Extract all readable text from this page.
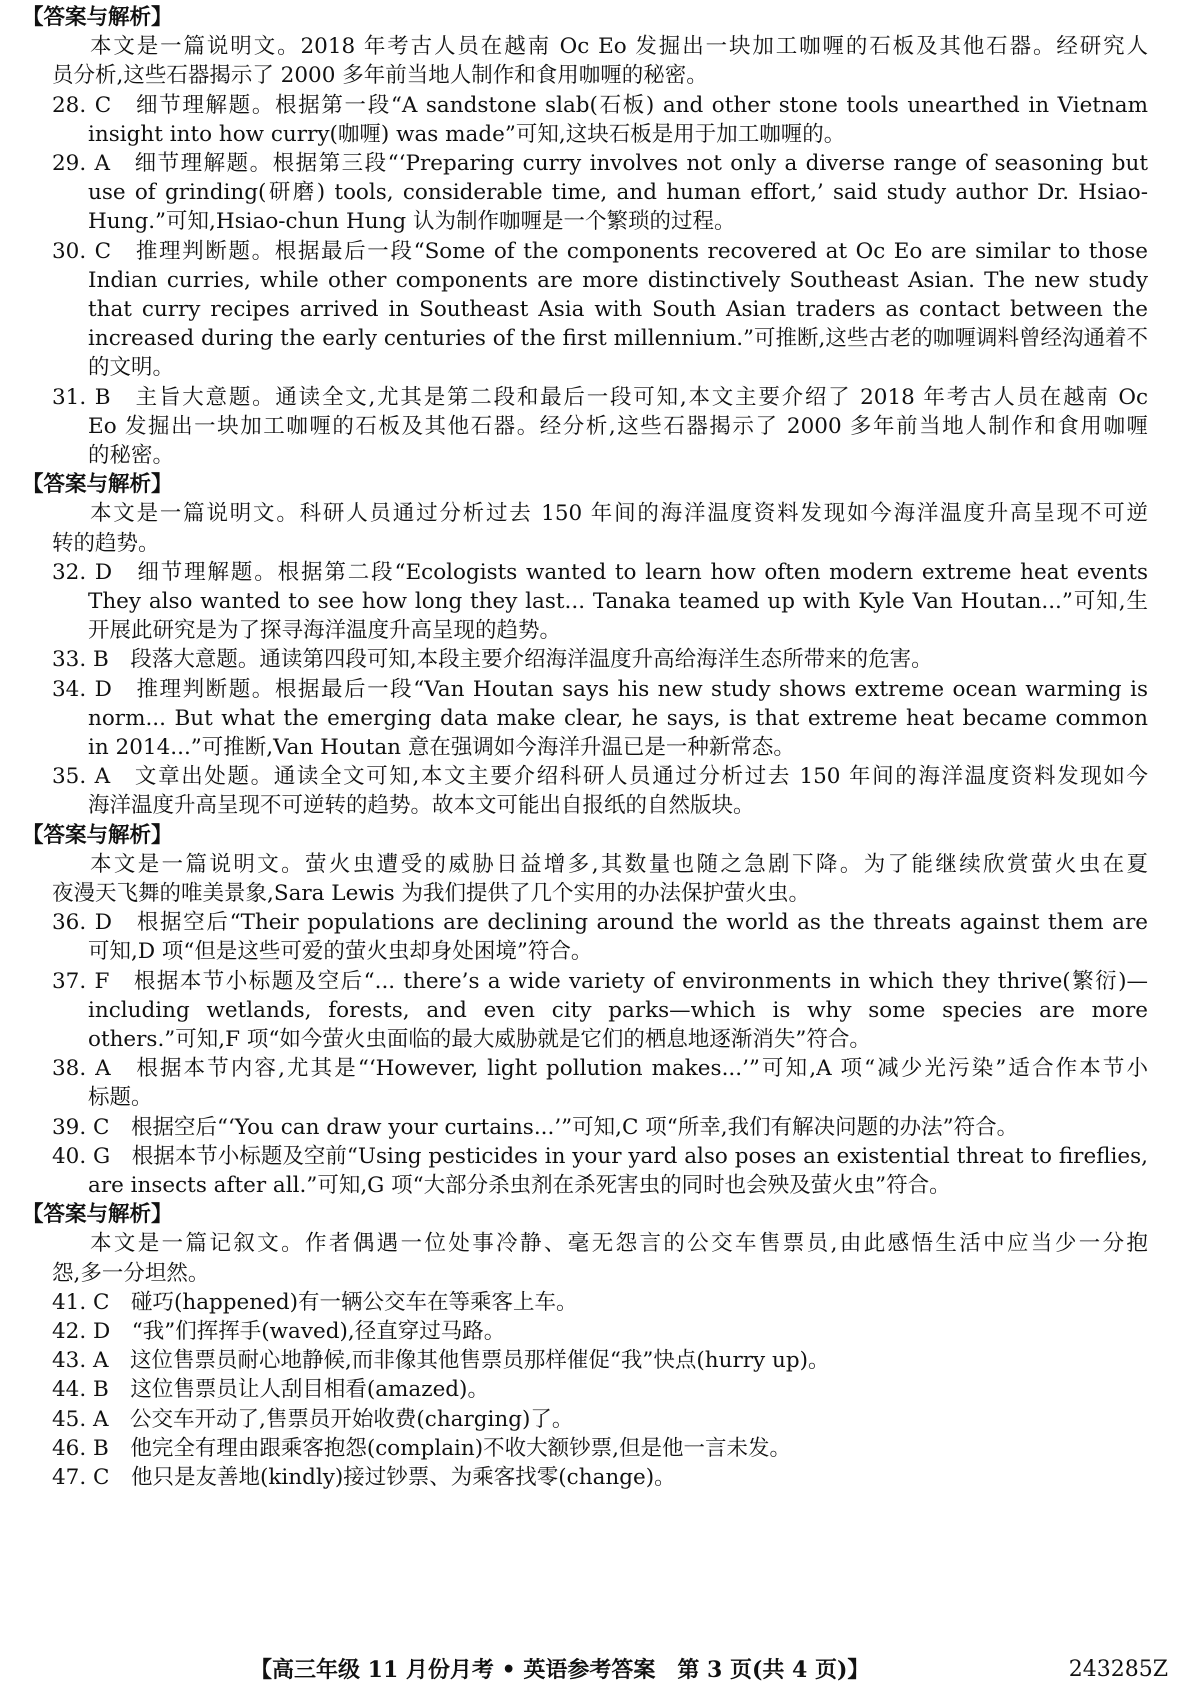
【答案与解析】
本文是一篇说明文。2018 年考古人员在越南 Oc Eo 发掘出一块加工咖喱的石板及其他石器。经研究人
员分析,这些石器揭示了 2000 多年前当地人制作和食用咖喱的秘密。
28. C　细节理解题。根据第一段“A sandstone slab(石板) and other stone tools unearthed in Vietnam
insight into how curry(咖喱) was made”可知,这块石板是用于加工咖喱的。
29. A　细节理解题。根据第三段“‘Preparing curry involves not only a diverse range of seasoning but
use of grinding(研磨) tools, considerable time, and human effort,’ said study author Dr. Hsiao-
Hung.”可知,Hsiao-chun Hung 认为制作咖喱是一个繁琐的过程。
30. C　推理判断题。根据最后一段“Some of the components recovered at Oc Eo are similar to those
Indian curries, while other components are more distinctively Southeast Asian. The new study
that curry recipes arrived in Southeast Asia with South Asian traders as contact between the
increased during the early centuries of the first millennium.”可推断,这些古老的咖喱调料曾经沟通着不
的文明。
31. B　主旨大意题。通读全文,尤其是第二段和最后一段可知,本文主要介绍了 2018 年考古人员在越南 Oc
Eo 发掘出一块加工咖喱的石板及其他石器。经分析,这些石器揭示了 2000 多年前当地人制作和食用咖喱
的秘密。
【答案与解析】
本文是一篇说明文。科研人员通过分析过去 150 年间的海洋温度资料发现如今海洋温度升高呈现不可逆
转的趋势。
32. D　细节理解题。根据第二段“Ecologists wanted to learn how often modern extreme heat events
They also wanted to see how long they last... Tanaka teamed up with Kyle Van Houtan...”可知,生
开展此研究是为了探寻海洋温度升高呈现的趋势。
33. B　段落大意题。通读第四段可知,本段主要介绍海洋温度升高给海洋生态所带来的危害。
34. D　推理判断题。根据最后一段“Van Houtan says his new study shows extreme ocean warming is
norm... But what the emerging data make clear, he says, is that extreme heat became common
in 2014...”可推断,Van Houtan 意在强调如今海洋升温已是一种新常态。
35. A　文章出处题。通读全文可知,本文主要介绍科研人员通过分析过去 150 年间的海洋温度资料发现如今
海洋温度升高呈现不可逆转的趋势。故本文可能出自报纸的自然版块。
【答案与解析】
本文是一篇说明文。萤火虫遭受的威胁日益增多,其数量也随之急剧下降。为了能继续欣赏萤火虫在夏
夜漫天飞舞的唯美景象,Sara Lewis 为我们提供了几个实用的办法保护萤火虫。
36. D　根据空后“Their populations are declining around the world as the threats against them are
可知,D 项“但是这些可爱的萤火虫却身处困境”符合。
37. F　根据本节小标题及空后“... there’s a wide variety of environments in which they thrive(繁衍)—
including wetlands, forests, and even city parks—which is why some species are more
others.”可知,F 项“如今萤火虫面临的最大威胁就是它们的栖息地逐渐消失”符合。
38. A　根据本节内容,尤其是“‘However, light pollution makes...’”可知,A 项“减少光污染”适合作本节小
标题。
39. C　根据空后“‘You can draw your curtains...’”可知,C 项“所幸,我们有解决问题的办法”符合。
40. G　根据本节小标题及空前“Using pesticides in your yard also poses an existential threat to fireflies,
are insects after all.”可知,G 项“大部分杀虫剂在杀死害虫的同时也会殃及萤火虫”符合。
【答案与解析】
本文是一篇记叙文。作者偶遇一位处事冷静、毫无怨言的公交车售票员,由此感悟生活中应当少一分抱
怨,多一分坦然。
41. C　碰巧(happened)有一辆公交车在等乘客上车。
42. D　“我”们挥挥手(waved),径直穿过马路。
43. A　这位售票员耐心地静候,而非像其他售票员那样催促“我”快点(hurry up)。
44. B　这位售票员让人刮目相看(amazed)。
45. A　公交车开动了,售票员开始收费(charging)了。
46. B　他完全有理由跟乘客抱怨(complain)不收大额钞票,但是他一言未发。
47. C　他只是友善地(kindly)接过钞票、为乘客找零(change)。
【高三年级 11 月份月考 • 英语参考答案　第 3 页(共 4 页)】	243285Z
